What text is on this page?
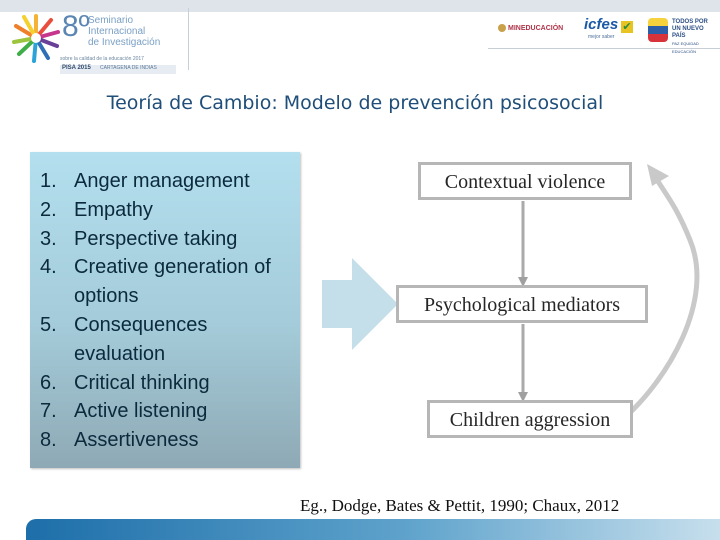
8º
Seminario
Internacional
de Investigación
sobre la calidad de la educación 2017
PISA 2015 CARTAGENA DE INDIAS
MINEDUCACIÓN icfes
mejor saber
✔	TODOS POR UN NUEVO PAÍS
PAZ EQUIDAD EDUCACIÓN
Teoría de Cambio: Modelo de prevención psicosocial
1. Anger management
2. Empathy
3. Perspective taking
4. Creative generation of options
5. Consequences evaluation
6. Critical thinking
7. Active listening
8. Assertiveness
Contextual violence
Psychological mediators
Children aggression
Eg., Dodge, Bates & Pettit, 1990; Chaux, 2012
